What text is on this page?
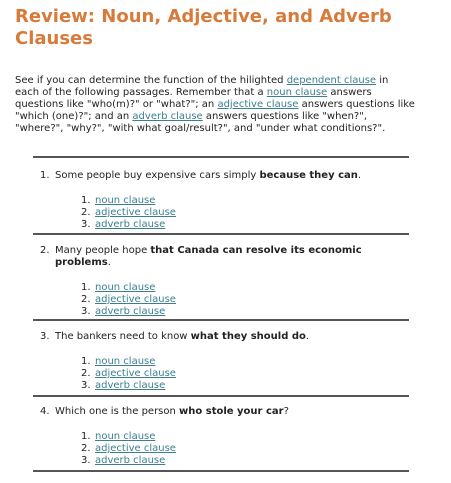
Review: Noun, Adjective, and Adverb Clauses

See if you can determine the function of the hilighted dependent clause in each of the following passages. Remember that a noun clause answers questions like "who(m)?" or "what?"; an adjective clause answers questions like "which (one)?"; and an adverb clause answers questions like "when?", "where?", "why?", "with what goal/result?", and "under what conditions?".

1. Some people buy expensive cars simply because they can.

1. noun clause
2. adjective clause
3. adverb clause

2. Many people hope that Canada can resolve its economic problems.

1. noun clause
2. adjective clause
3. adverb clause

3. The bankers need to know what they should do.

1. noun clause
2. adjective clause
3. adverb clause

4. Which one is the person who stole your car?

1. noun clause
2. adjective clause
3. adverb clause
